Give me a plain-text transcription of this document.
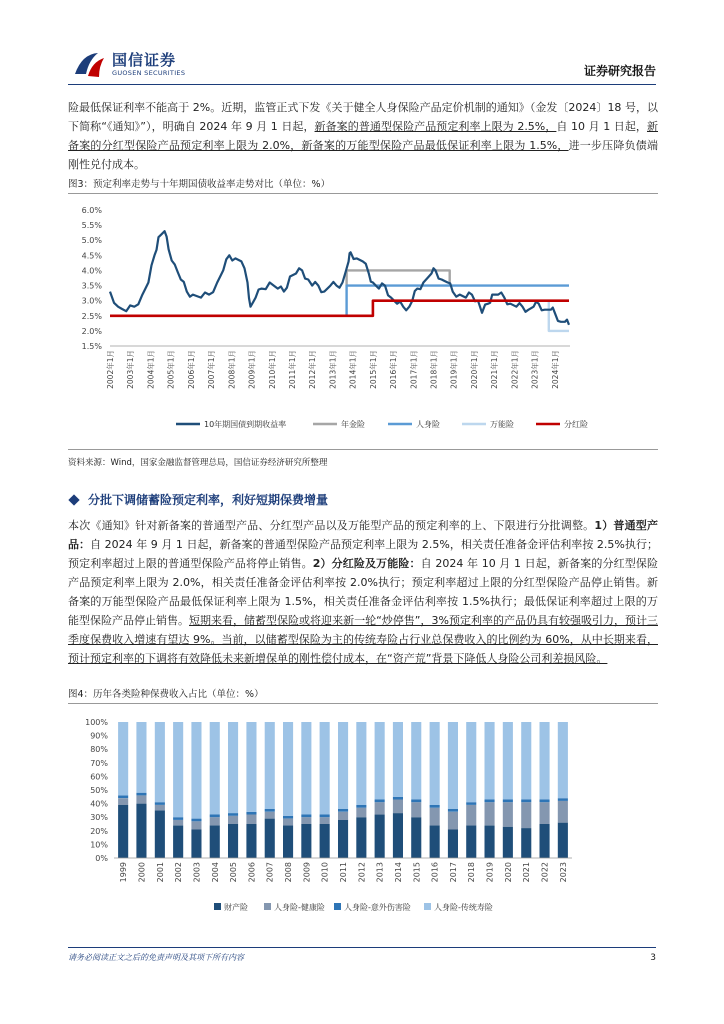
国信证券
GUOSEN SECURITIES	证券研究报告
险最低保证利率不能高于 2%。近期，监管正式下发《关于健全人身保险产品定价机制的通知》（金发〔2024〕18 号，以下简称“《通知》”），明确自 2024 年 9 月 1 日起，新备案的普通型保险产品预定利率上限为 2.5%，自 10 月 1 日起，新备案的分红型保险产品预定利率上限为 2.0%，新备案的万能型保险产品最低保证利率上限为 1.5%，进一步压降负债端刚性兑付成本。
图3：预定利率走势与十年期国债收益率走势对比（单位：%）
1.5%
2.0%
2.5%
3.0%
3.5%
4.0%
4.5%
5.0%
5.5%
6.0%
2002年1月 2003年1月 2004年1月 2005年1月 2006年1月 2007年1月 2008年1月 2009年1月 2010年1月 2011年1月 2012年1月 2013年1月 2014年1月 2015年1月 2016年1月 2017年1月 2018年1月 2019年1月 2020年1月 2021年1月 2022年1月 2023年1月 2024年1月
10年期国债到期收益率	年金险	人身险	万能险	分红险
资料来源：Wind，国家金融监督管理总局，国信证券经济研究所整理
分批下调储蓄险预定利率，利好短期保费增量
本次《通知》针对新备案的普通型产品、分红型产品以及万能型产品的预定利率的上、下限进行分批调整。1）普通型产品：自 2024 年 9 月 1 日起，新备案的普通型保险产品预定利率上限为 2.5%，相关责任准备金评估利率按 2.5%执行；预定利率超过上限的普通型保险产品将停止销售。2）分红险及万能险：自 2024 年 10 月 1 日起，新备案的分红型保险产品预定利率上限为 2.0%，相关责任准备金评估利率按 2.0%执行；预定利率超过上限的分红型保险产品停止销售。新备案的万能型保险产品最低保证利率上限为 1.5%，相关责任准备金评估利率按 1.5%执行；最低保证利率超过上限的万能型保险产品停止销售。短期来看，储蓄型保险或将迎来新一轮“炒停售”，3%预定利率的产品仍具有较强吸引力，预计三季度保费收入增速有望达 9%。当前，以储蓄型保险为主的传统寿险占行业总保费收入的比例约为 60%，从中长期来看，预计预定利率的下调将有效降低未来新增保单的刚性偿付成本，在“资产荒”背景下降低人身险公司利差损风险。
图4：历年各类险种保费收入占比（单位：%）
0%
10%
20%
30%
40%
50%
60%
70%
80%
90%
100%
1999 2000 2001 2002 2003 2004 2005 2006 2007 2008 2009 2010 2011 2012 2013 2014 2015 2016 2017 2018 2019 2020 2021 2022 2023
财产险	人身险-健康险 人身险-意外伤害险	人身险-传统寿险
请务必阅读正文之后的免责声明及其项下所有内容	3
